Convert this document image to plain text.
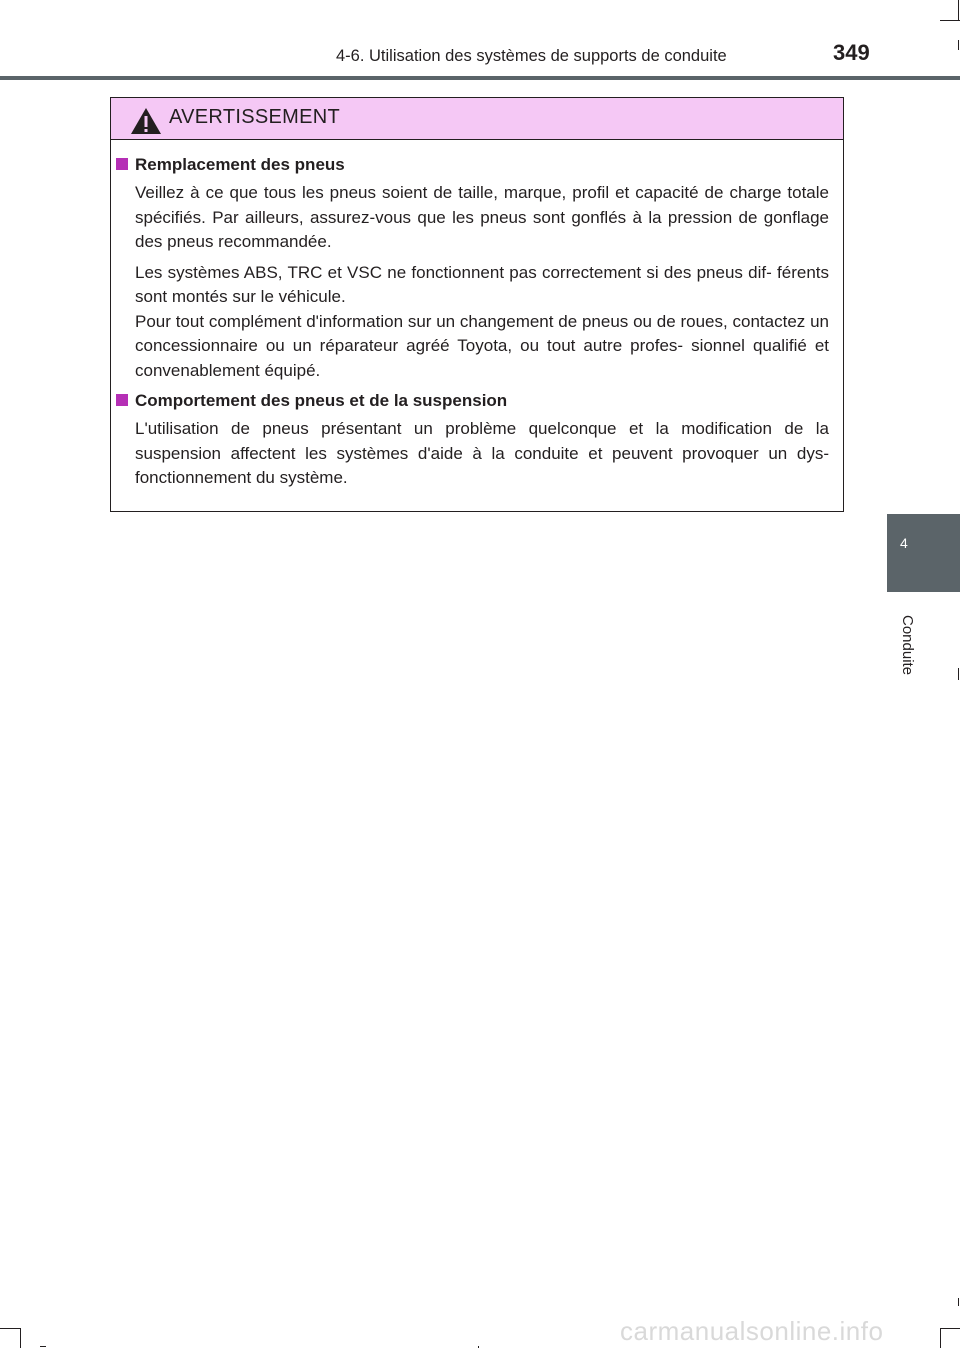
4-6. Utilisation des systèmes de supports de conduite	349
AVERTISSEMENT
Remplacement des pneus

Veillez à ce que tous les pneus soient de taille, marque, profil et capacité de charge totale spécifiés. Par ailleurs, assurez-vous que les pneus sont gonflés à la pression de gonflage des pneus recommandée.

Les systèmes ABS, TRC et VSC ne fonctionnent pas correctement si des pneus dif- férents sont montés sur le véhicule.

Pour tout complément d'information sur un changement de pneus ou de roues, contactez un concessionnaire ou un réparateur agréé Toyota, ou tout autre profes- sionnel qualifié et convenablement équipé.

Comportement des pneus et de la suspension

L'utilisation de pneus présentant un problème quelconque et la modification de la suspension affectent les systèmes d'aide à la conduite et peuvent provoquer un dys- fonctionnement du système.

4
Conduite
carmanualsonline.info
